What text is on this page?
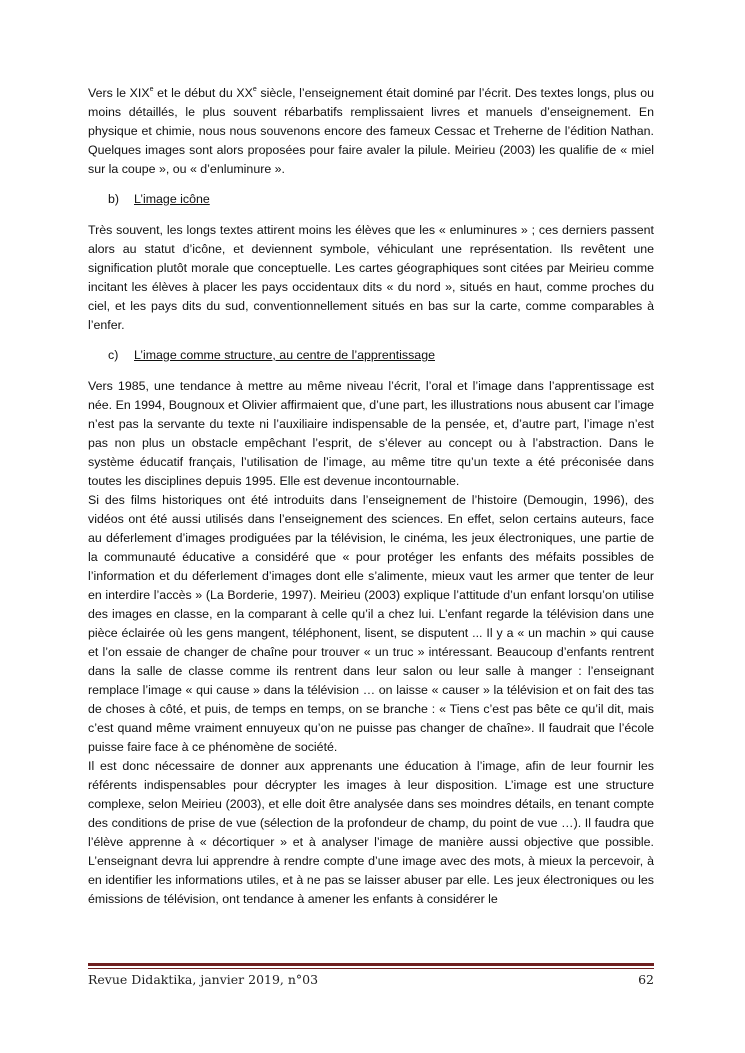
Vers le XIXe et le début du XXe siècle, l’enseignement était dominé par l’écrit. Des textes longs, plus ou moins détaillés, le plus souvent rébarbatifs remplissaient livres et manuels d’enseignement. En physique et chimie, nous nous souvenons encore des fameux Cessac et Treherne de l’édition Nathan. Quelques images sont alors proposées pour faire avaler la pilule. Meirieu (2003) les qualifie de « miel sur la coupe », ou « d’enluminure ».

b) L’image icône

Très souvent, les longs textes attirent moins les élèves que les « enluminures » ; ces derniers passent alors au statut d’icône, et deviennent symbole, véhiculant une représentation. Ils revêtent une signification plutôt morale que conceptuelle. Les cartes géographiques sont citées par Meirieu comme incitant les élèves à placer les pays occidentaux dits « du nord », situés en haut, comme proches du ciel, et les pays dits du sud, conventionnellement situés en bas sur la carte, comme comparables à l’enfer.

c) L’image comme structure, au centre de l’apprentissage

Vers 1985, une tendance à mettre au même niveau l’écrit, l’oral et l’image dans l’apprentissage est née. En 1994, Bougnoux et Olivier affirmaient que, d’une part, les illustrations nous abusent car l’image n’est pas la servante du texte ni l’auxiliaire indispensable de la pensée, et, d’autre part, l’image n’est pas non plus un obstacle empêchant l’esprit, de s’élever au concept ou à l’abstraction. Dans le système éducatif français, l’utilisation de l’image, au même titre qu’un texte a été préconisée dans toutes les disciplines depuis 1995. Elle est devenue incontournable.

Si des films historiques ont été introduits dans l’enseignement de l’histoire (Demougin, 1996), des vidéos ont été aussi utilisés dans l’enseignement des sciences. En effet, selon certains auteurs, face au déferlement d’images prodiguées par la télévision, le cinéma, les jeux électroniques, une partie de la communauté éducative a considéré que « pour protéger les enfants des méfaits possibles de l’information et du déferlement d’images dont elle s’alimente, mieux vaut les armer que tenter de leur en interdire l’accès » (La Borderie, 1997). Meirieu (2003) explique l’attitude d’un enfant lorsqu’on utilise des images en classe, en la comparant à celle qu’il a chez lui. L’enfant regarde la télévision dans une pièce éclairée où les gens mangent, téléphonent, lisent, se disputent ... Il y a « un machin » qui cause et l’on essaie de changer de chaîne pour trouver « un truc » intéressant. Beaucoup d’enfants rentrent dans la salle de classe comme ils rentrent dans leur salon ou leur salle à manger : l’enseignant remplace l’image « qui cause » dans la télévision … on laisse « causer » la télévision et on fait des tas de choses à côté, et puis, de temps en temps, on se branche : « Tiens c’est pas bête ce qu’il dit, mais c’est quand même vraiment ennuyeux qu’on ne puisse pas changer de chaîne». Il faudrait que l’école puisse faire face à ce phénomène de société.

Il est donc nécessaire de donner aux apprenants une éducation à l’image, afin de leur fournir les référents indispensables pour décrypter les images à leur disposition. L’image est une structure complexe, selon Meirieu (2003), et elle doit être analysée dans ses moindres détails, en tenant compte des conditions de prise de vue (sélection de la profondeur de champ, du point de vue …). Il faudra que l’élève apprenne à « décortiquer » et à analyser l’image de manière aussi objective que possible. L’enseignant devra lui apprendre à rendre compte d’une image avec des mots, à mieux la percevoir, à en identifier les informations utiles, et à ne pas se laisser abuser par elle. Les jeux électroniques ou les émissions de télévision, ont tendance à amener les enfants à considérer le

Revue Didaktika, janvier 2019, n°03	62
